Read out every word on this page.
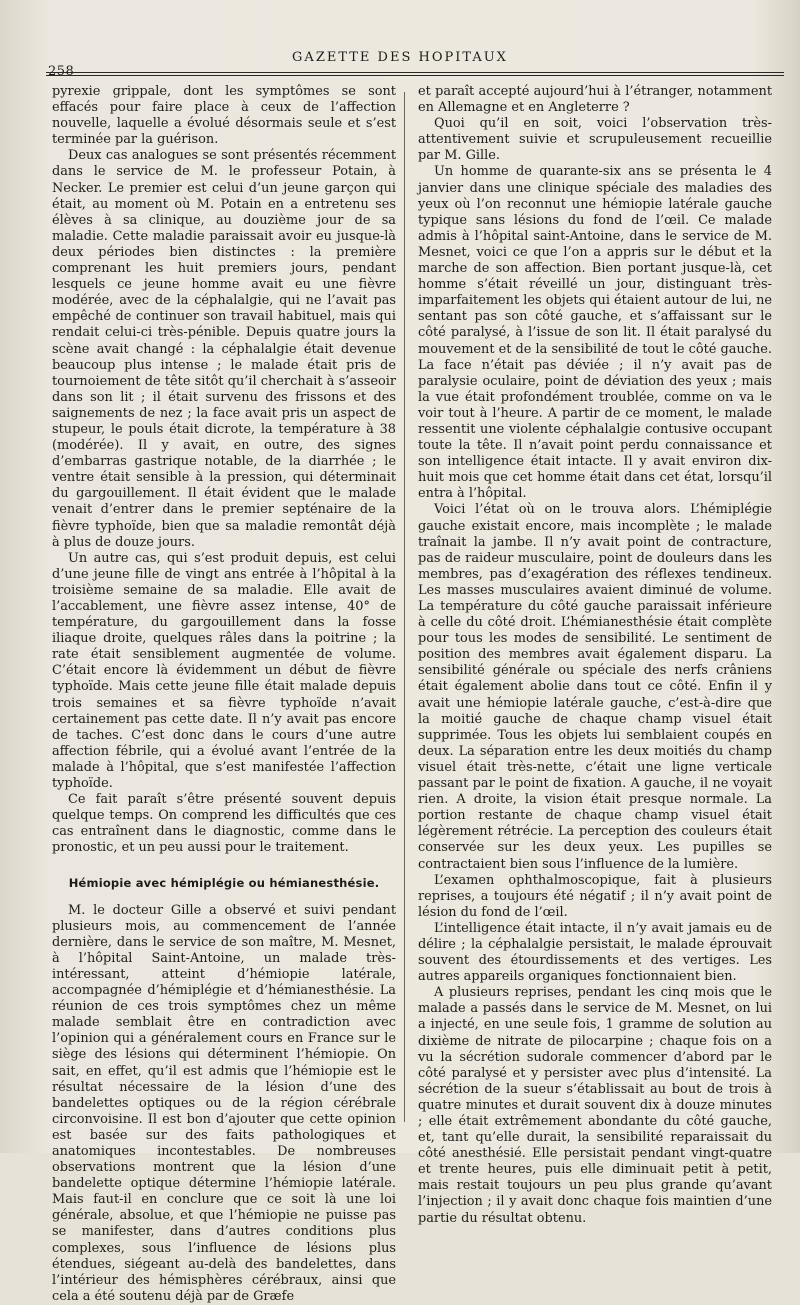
258
GAZETTE DES HOPITAUX

pyrexie grippale, dont les symptômes se sont effacés pour faire place à ceux de l’affection nouvelle, laquelle a évolué désormais seule et s’est terminée par la guérison.

Deux cas analogues se sont présentés récemment dans le service de M. le professeur Potain, à Necker. Le premier est celui d’un jeune garçon qui était, au moment où M. Potain en a entretenu ses élèves à sa clinique, au douzième jour de sa maladie. Cette maladie paraissait avoir eu jusque-là deux périodes bien distinctes : la première comprenant les huit premiers jours, pendant lesquels ce jeune homme avait eu une fièvre modérée, avec de la céphalalgie, qui ne l’avait pas empêché de continuer son travail habituel, mais qui rendait celui-ci très-pénible. Depuis quatre jours la scène avait changé : la céphalalgie était devenue beaucoup plus intense ; le malade était pris de tournoiement de tête sitôt qu’il cherchait à s’asseoir dans son lit ; il était survenu des frissons et des saignements de nez ; la face avait pris un aspect de stupeur, le pouls était dicrote, la température à 38 (modérée). Il y avait, en outre, des signes d’embarras gastrique notable, de la diarrhée ; le ventre était sensible à la pression, qui déterminait du gargouillement. Il était évident que le malade venait d’entrer dans le premier septénaire de la fièvre typhoïde, bien que sa maladie remontât déjà à plus de douze jours.

Un autre cas, qui s’est produit depuis, est celui d’une jeune fille de vingt ans entrée à l’hôpital à la troisième semaine de sa maladie. Elle avait de l’accablement, une fièvre assez intense, 40° de température, du gargouillement dans la fosse iliaque droite, quelques râles dans la poitrine ; la rate était sensiblement augmentée de volume. C’était encore là évidemment un début de fièvre typhoïde. Mais cette jeune fille était malade depuis trois semaines et sa fièvre typhoïde n’avait certainement pas cette date. Il n’y avait pas encore de taches. C’est donc dans le cours d’une autre affection fébrile, qui a évolué avant l’entrée de la malade à l’hôpital, que s’est manifestée l’affection typhoïde.

Ce fait paraît s’être présenté souvent depuis quelque temps. On comprend les difficultés que ces cas entraînent dans le diagnostic, comme dans le pronostic, et un peu aussi pour le traitement.

Hémiopie avec hémiplégie ou hémianesthésie.

M. le docteur Gille a observé et suivi pendant plusieurs mois, au commencement de l’année dernière, dans le service de son maître, M. Mesnet, à l’hôpital Saint-Antoine, un malade très-intéressant, atteint d’hémiopie latérale, accompagnée d’hémiplégie et d’hémianesthésie. La réunion de ces trois symptômes chez un même malade semblait être en contradiction avec l’opinion qui a généralement cours en France sur le siège des lésions qui déterminent l’hémiopie. On sait, en effet, qu’il est admis que l’hémiopie est le résultat nécessaire de la lésion d’une des bandelettes optiques ou de la région cérébrale circonvoisine. Il est bon d’ajouter que cette opinion est basée sur des faits pathologiques et anatomiques incontestables. De nombreuses observations montrent que la lésion d’une bandelette optique détermine l’hémiopie latérale. Mais faut-il en conclure que ce soit là une loi générale, absolue, et que l’hémiopie ne puisse pas se manifester, dans d’autres conditions plus complexes, sous l’influence de lésions plus étendues, siégeant au-delà des bandelettes, dans l’intérieur des hémisphères cérébraux, ainsi que cela a été soutenu déjà par de Græfe

et paraît accepté aujourd’hui à l’étranger, notamment en Allemagne et en Angleterre ?

Quoi qu’il en soit, voici l’observation très-attentivement suivie et scrupuleusement recueillie par M. Gille.

Un homme de quarante-six ans se présenta le 4 janvier dans une clinique spéciale des maladies des yeux où l’on reconnut une hémiopie latérale gauche typique sans lésions du fond de l’œil. Ce malade admis à l’hôpital saint-Antoine, dans le service de M. Mesnet, voici ce que l’on a appris sur le début et la marche de son affection. Bien portant jusque-là, cet homme s’était réveillé un jour, distinguant très-imparfaitement les objets qui étaient autour de lui, ne sentant pas son côté gauche, et s’affaissant sur le côté paralysé, à l’issue de son lit. Il était paralysé du mouvement et de la sensibilité de tout le côté gauche. La face n’était pas déviée ; il n’y avait pas de paralysie oculaire, point de déviation des yeux ; mais la vue était profondément troublée, comme on va le voir tout à l’heure. A partir de ce moment, le malade ressentit une violente céphalalgie contusive occupant toute la tête. Il n’avait point perdu connaissance et son intelligence était intacte. Il y avait environ dix-huit mois que cet homme était dans cet état, lorsqu’il entra à l’hôpital.

Voici l’état où on le trouva alors. L’hémiplégie gauche existait encore, mais incomplète ; le malade traînait la jambe. Il n’y avait point de contracture, pas de raideur musculaire, point de douleurs dans les membres, pas d’exagération des réflexes tendineux. Les masses musculaires avaient diminué de volume. La température du côté gauche paraissait inférieure à celle du côté droit. L’hémianesthésie était complète pour tous les modes de sensibilité. Le sentiment de position des membres avait également disparu. La sensibilité générale ou spéciale des nerfs crâniens était également abolie dans tout ce côté. Enfin il y avait une hémiopie latérale gauche, c’est-à-dire que la moitié gauche de chaque champ visuel était supprimée. Tous les objets lui semblaient coupés en deux. La séparation entre les deux moitiés du champ visuel était très-nette, c’était une ligne verticale passant par le point de fixation. A gauche, il ne voyait rien. A droite, la vision était presque normale. La portion restante de chaque champ visuel était légèrement rétrécie. La perception des couleurs était conservée sur les deux yeux. Les pupilles se contractaient bien sous l’influence de la lumière.

L’examen ophthalmoscopique, fait à plusieurs reprises, a toujours été négatif ; il n’y avait point de lésion du fond de l’œil.

L’intelligence était intacte, il n’y avait jamais eu de délire ; la céphalalgie persistait, le malade éprouvait souvent des étourdissements et des vertiges. Les autres appareils organiques fonctionnaient bien.

A plusieurs reprises, pendant les cinq mois que le malade a passés dans le service de M. Mesnet, on lui a injecté, en une seule fois, 1 gramme de solution au dixième de nitrate de pilocarpine ; chaque fois on a vu la sécrétion sudorale commencer d’abord par le côté paralysé et y persister avec plus d’intensité. La sécrétion de la sueur s’établissait au bout de trois à quatre minutes et durait souvent dix à douze minutes ; elle était extrêmement abondante du côté gauche, et, tant qu’elle durait, la sensibilité reparaissait du côté anesthésié. Elle persistait pendant vingt-quatre et trente heures, puis elle diminuait petit à petit, mais restait toujours un peu plus grande qu’avant l’injection ; il y avait donc chaque fois maintien d’une partie du résultat obtenu.
